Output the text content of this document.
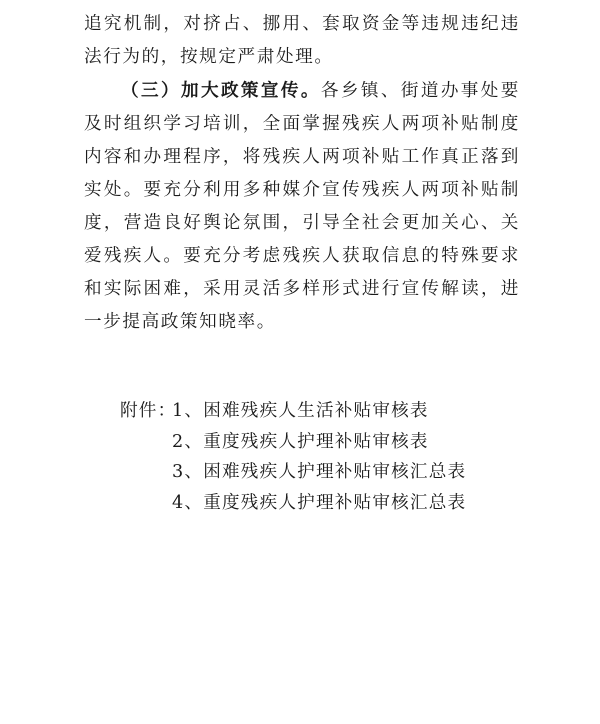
追究机制，对挤占、挪用、套取资金等违规违纪违法行为的，按规定严肃处理。

（三）加大政策宣传。各乡镇、街道办事处要及时组织学习培训，全面掌握残疾人两项补贴制度内容和办理程序，将残疾人两项补贴工作真正落到实处。要充分利用多种媒介宣传残疾人两项补贴制度，营造良好舆论氛围，引导全社会更加关心、关爱残疾人。要充分考虑残疾人获取信息的特殊要求和实际困难，采用灵活多样形式进行宣传解读，进一步提高政策知晓率。

附件：
1、困难残疾人生活补贴审核表
2、重度残疾人护理补贴审核表
3、困难残疾人护理补贴审核汇总表
4、重度残疾人护理补贴审核汇总表
